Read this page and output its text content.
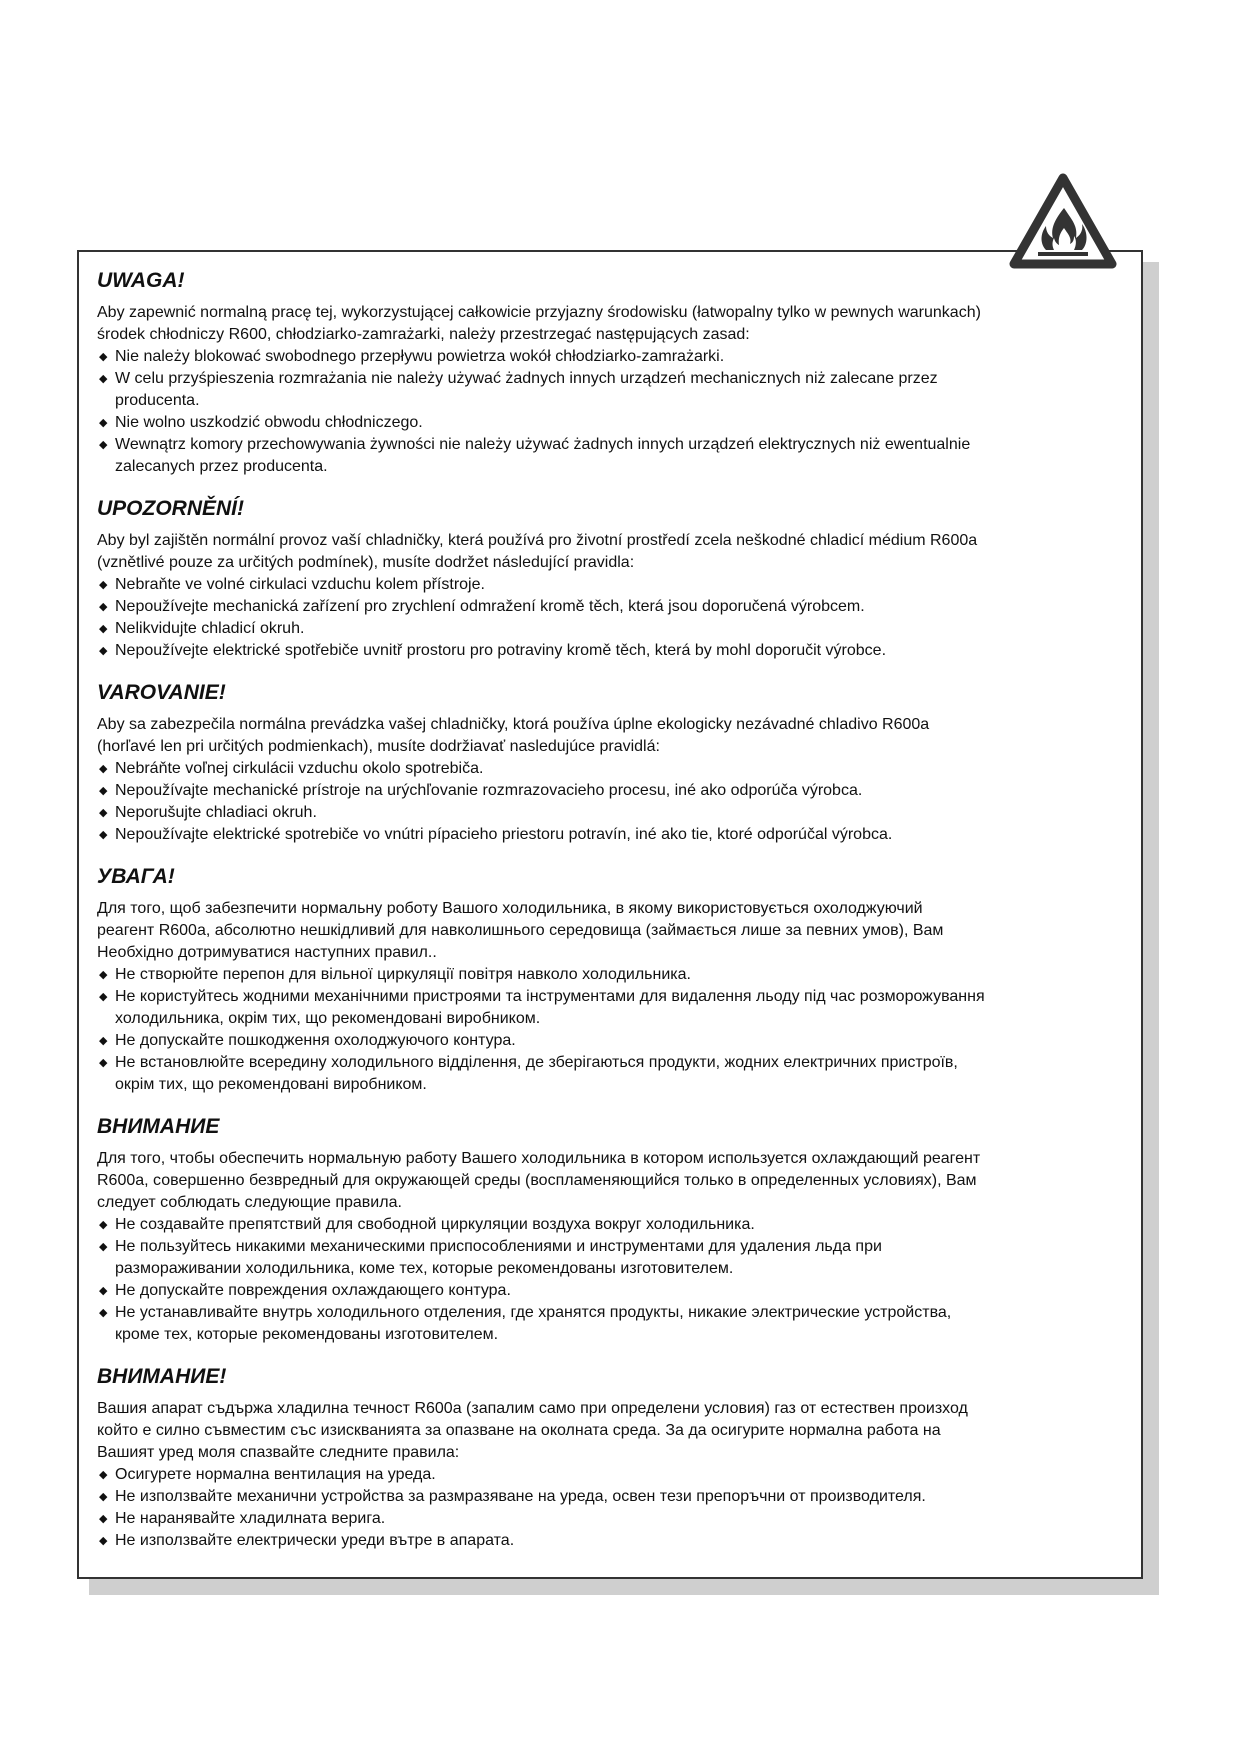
UWAGA!

Aby zapewnić normalną pracę tej, wykorzystującej całkowicie przyjazny środowisku (łatwopalny tylko w pewnych warunkach)
środek chłodniczy R600, chłodziarko-zamrażarki, należy przestrzegać następujących zasad:

◆ Nie należy blokować swobodnego przepływu powietrza wokół chłodziarko-zamrażarki.
◆ W celu przyśpieszenia rozmrażania nie należy używać żadnych innych urządzeń mechanicznych niż zalecane przez
producenta.
◆ Nie wolno uszkodzić obwodu chłodniczego.
◆ Wewnątrz komory przechowywania żywności nie należy używać żadnych innych urządzeń elektrycznych niż ewentualnie
zalecanych przez producenta.
UPOZORNĚNÍ!

Aby byl zajištěn normální provoz vaší chladničky, která používá pro životní prostředí zcela neškodné chladicí médium R600a
(vznětlivé pouze za určitých podmínek), musíte dodržet následující pravidla:

◆ Nebraňte ve volné cirkulaci vzduchu kolem přístroje.
◆ Nepoužívejte mechanická zařízení pro zrychlení odmražení kromě těch, která jsou doporučená výrobcem.
◆ Nelikvidujte chladicí okruh.
◆ Nepoužívejte elektrické spotřebiče uvnitř prostoru pro potraviny kromě těch, která by mohl doporučit výrobce.
VAROVANIE!

Aby sa zabezpečila normálna prevádzka vašej chladničky, ktorá používa úplne ekologicky nezávadné chladivo R600a
(horľavé len pri určitých podmienkach), musíte dodržiavať nasledujúce pravidlá:

◆ Nebráňte voľnej cirkulácii vzduchu okolo spotrebiča.
◆ Nepoužívajte mechanické prístroje na urýchľovanie rozmrazovacieho procesu, iné ako odporúča výrobca.
◆ Neporušujte chladiaci okruh.
◆ Nepoužívajte elektrické spotrebiče vo vnútri pípacieho priestoru potravín, iné ako tie, ktoré odporúčal výrobca.
УВАГА!

Для того, щоб забезпечити нормальну роботу Вашого холодильника, в якому використовується охолоджуючий
реагент R600a, абсолютно нешкідливий для навколишнього середовища (займається лише за певних умов), Вам
Необхідно дотримуватися наступних правил..

◆ Не створюйте перепон для вільної циркуляції повітря навколо холодильника.
◆ Не користуйтесь жодними механічними пристроями та інструментами для видалення льоду під час розморожування
холодильника, окрім тих, що рекомендовані виробником.
◆ Не допускайте пошкодження охолоджуючого контура.
◆ Не встановлюйте всередину холодильного відділення, де зберігаються продукти, жодних електричних пристроїв,
окрім тих, що рекомендовані виробником.
ВНИМАНИЕ

Для того, чтобы обеспечить нормальную работу Вашего холодильника в котором используется охлаждающий реагент
R600a, совершенно безвредный для окружающей среды (воспламеняющийся только в определенных условиях), Вам
следует соблюдать следующие правила.

◆ Не создавайте препятствий для свободной циркуляции воздуха вокруг холодильника.
◆ Не пользуйтесь никакими механическими приспособлениями и инструментами для удаления льда при
размораживании холодильника, коме тех, которые рекомендованы изготовителем.
◆ Не допускайте повреждения охлаждающего контура.
◆ Не устанавливайте внутрь холодильного отделения, где хранятся продукты, никакие электрические устройства,
кроме тех, которые рекомендованы изготовителем.
ВНИМАНИЕ!

Вашия апарат съдържа хладилна течност R600a (запалим само при определени условия) газ от естествен произход
който е силно съвместим със изискванията за опазване на околната среда. За да осигурите нормална работа на
Вашият уред моля спазвайте следните правила:

◆ Осигурете нормална вентилация на уреда.
◆ Не използвайте механични устройства за размразяване на уреда, освен тези препоръчни от производителя.
◆ Не наранявайте хладилната верига.
◆ Не използвайте електрически уреди вътре в апарата.
